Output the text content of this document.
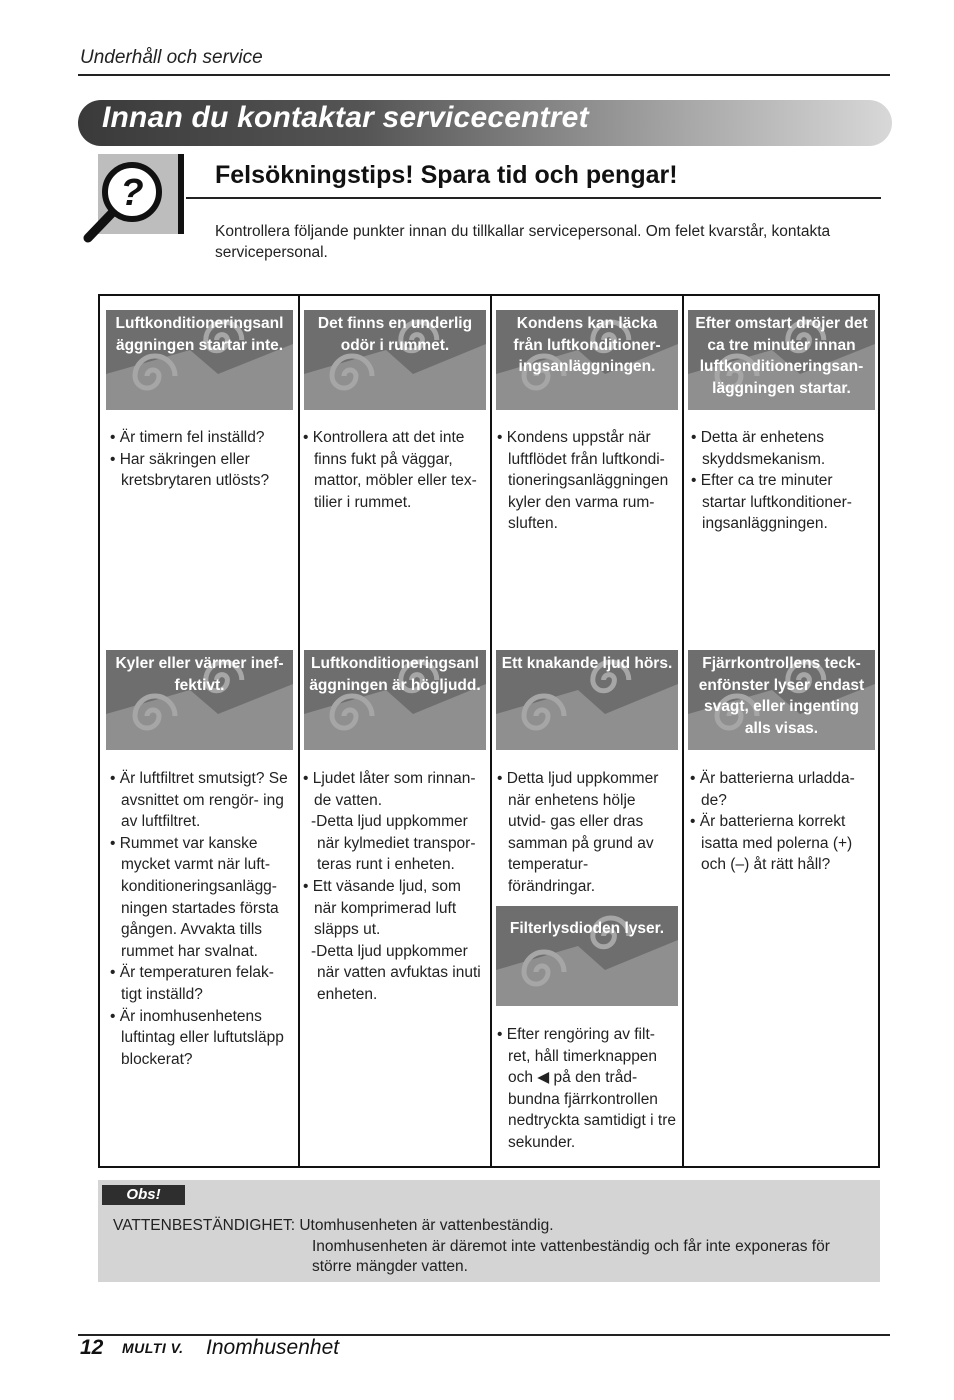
Underhåll och service
Innan du kontaktar servicecentret
?	Felsökningstips! Spara tid och pengar!
Kontrollera följande punkter innan du tillkallar servicepersonal. Om felet kvarstår, kontakta
servicepersonal.
Luftkonditioneringsanl
äggningen startar inte.
Det finns en underlig
odör i rummet.
Kondens kan läcka
från luftkonditioner-
ingsanläggningen.
Efter omstart dröjer det
ca tre minuter innan
luftkonditioneringsan-
läggningen startar.
Kyler eller värmer inef-
fektivt.
Luftkonditioneringsanl
äggningen är högljudd.
Ett knakande ljud hörs.	Fjärrkontrollens teck-
enfönster lyser endast
svagt, eller ingenting
alls visas.
Filterlysdioden lyser.
• Är timern fel inställd?
• Har säkringen eller kretsbrytaren utlösts?
• Kontrollera att det inte finns fukt på väggar, mattor, möbler eller tex- tilier i rummet.
• Kondens uppstår när luftflödet från luftkondi- tioneringsanläggningen kyler den varma rum- sluften.
• Detta är enhetens skyddsmekanism.
• Efter ca tre minuter startar luftkonditioner- ingsanläggningen.
• Är luftfiltret smutsigt? Se avsnittet om rengör- ing av luftfiltret.
• Rummet var kanske mycket varmt när luft- konditioneringsanlägg- ningen startades första gången. Avvakta tills rummet har svalnat.
• Är temperaturen felak- tigt inställd?
• Är inomhusenhetens luftintag eller luftutsläpp blockerat?
• Ljudet låter som rinnan- de vatten.
-Detta ljud uppkommer när kylmediet transpor- teras runt i enheten.
• Ett väsande ljud, som när komprimerad luft släpps ut.
-Detta ljud uppkommer när vatten avfuktas inuti enheten.
• Detta ljud uppkommer när enhetens hölje utvid- gas eller dras samman på grund av temperatur- förändringar.
• Är batterierna urladda- de?
• Är batterierna korrekt isatta med polerna (+) och (–) åt rätt håll?
• Efter rengöring av filt- ret, håll timerknappen och ◀ på den tråd- bundna fjärrkontrollen nedtryckta samtidigt i tre sekunder.
Obs!
VATTENBESTÄNDIGHET: Utomhusenheten är vattenbeständig.
Inomhusenheten är däremot inte vattenbeständig och får inte exponeras för
större mängder vatten.
12 MULTI V. Inomhusenhet
